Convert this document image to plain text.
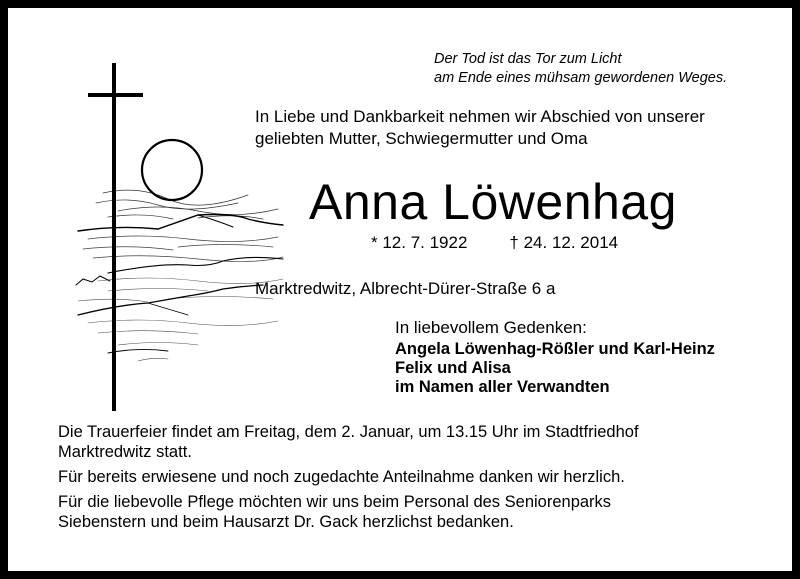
Der Tod ist das Tor zum Licht
am Ende eines mühsam gewordenen Weges.
In Liebe und Dankbarkeit nehmen wir Abschied von unserer
geliebten Mutter, Schwiegermutter und Oma
Anna Löwenhag
* 12. 7. 1922 † 24. 12. 2014
Marktredwitz, Albrecht-Dürer-Straße 6 a
In liebevollem Gedenken:
Angela Löwenhag-Rößler und Karl-Heinz
Felix und Alisa
im Namen aller Verwandten

Die Trauerfeier findet am Freitag, dem 2. Januar, um 13.15 Uhr im Stadtfriedhof
Marktredwitz statt.

Für bereits erwiesene und noch zugedachte Anteilnahme danken wir herzlich.

Für die liebevolle Pflege möchten wir uns beim Personal des Seniorenparks
Siebenstern und beim Hausarzt Dr. Gack herzlichst bedanken.
